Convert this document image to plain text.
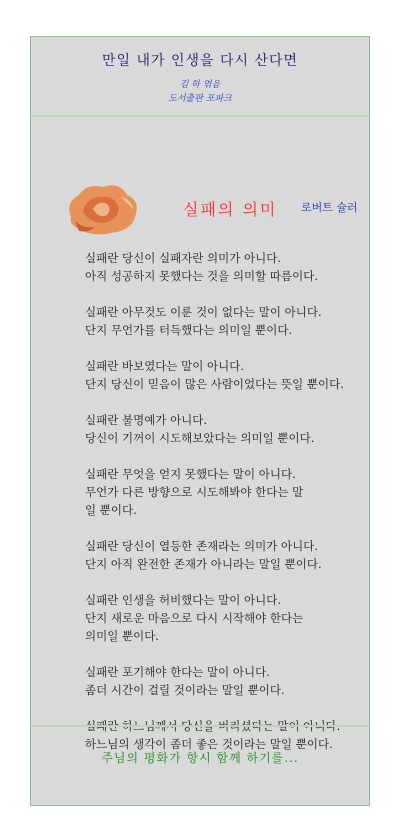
만일 내가 인생을 다시 산다면
김 하 엮음
도서출판 포파크
실패의 의미 로버트 슐러
실패란 당신이 실패자란 의미가 아니다.
아직 성공하지 못했다는 것을 의미할 따름이다.
실패란 아무것도 이룬 것이 없다는 말이 아니다.
단지 무언가를 터득했다는 의미일 뿐이다.
실패란 바보였다는 말이 아니다.
단지 당신이 믿음이 많은 사람이었다는 뜻일 뿐이다.
실패란 불명예가 아니다.
당신이 기꺼이 시도해보았다는 의미일 뿐이다.
실패란 무엇을 얻지 못했다는 말이 아니다.
무언가 다른 방향으로 시도해봐야 한다는 말
일 뿐이다.
실패란 당신이 열등한 존재라는 의미가 아니다.
단지 아직 완전한 존재가 아니라는 말일 뿐이다.
실패란 인생을 허비했다는 말이 아니다.
단지 새로운 마음으로 다시 시작해야 한다는
의미일 뿐이다.
실패란 포기해야 한다는 말이 아니다.
좀더 시간이 걸릴 것이라는 말일 뿐이다.
실패란 하느님께서 당신을 버리셨다는 말이 아니다.
하느님의 생각이 좀더 좋은 것이라는 말일 뿐이다.
주님의 평화가 항시 함께 하기를...
